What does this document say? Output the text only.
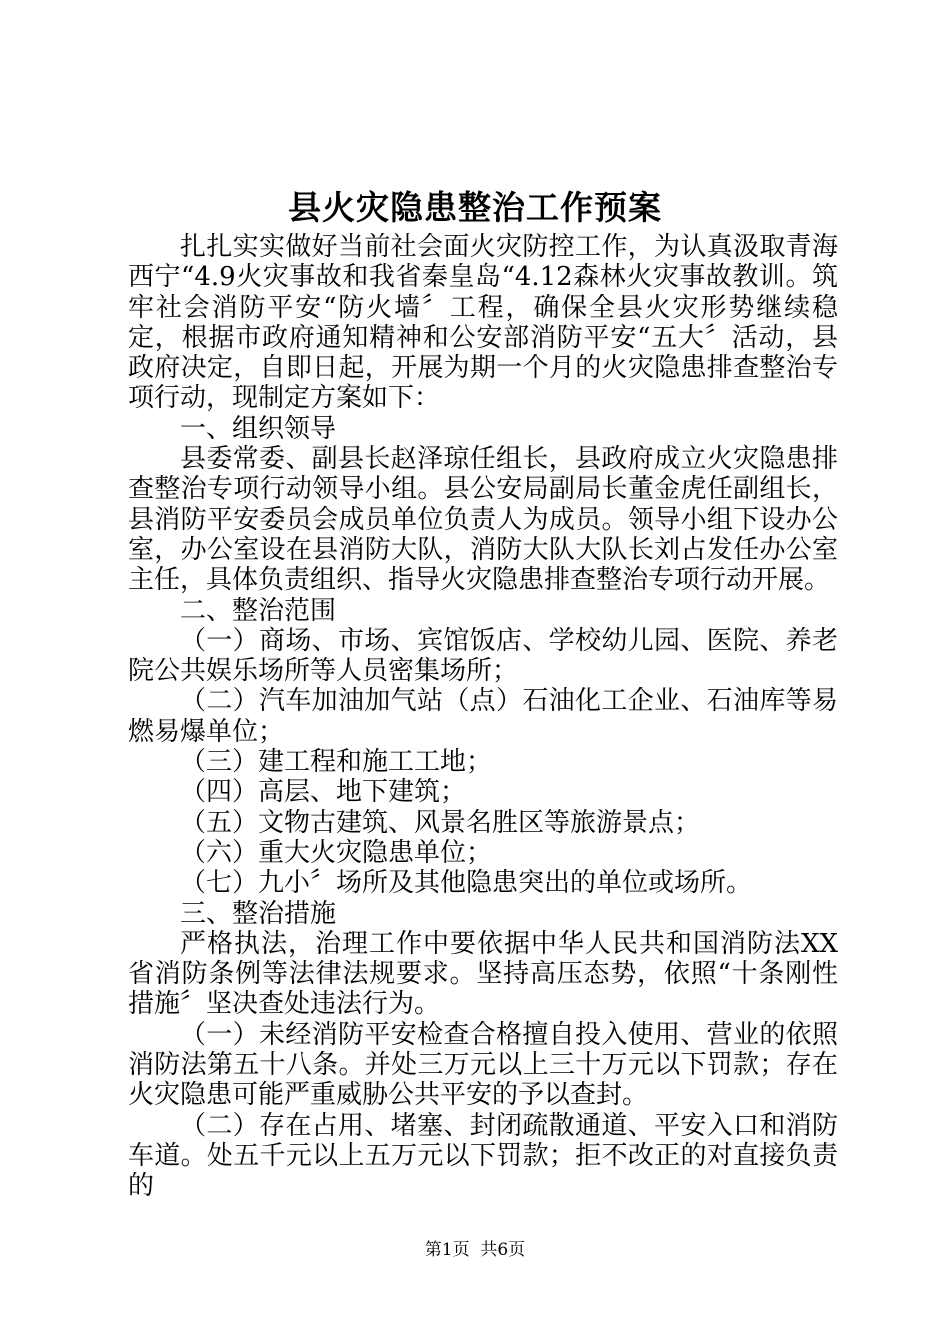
县火灾隐患整治工作预案

扎扎实实做好当前社会面火灾防控工作，为认真汲取青海西宁“4.9火灾事故和我省秦皇岛“4.12森林火灾事故教训。筑牢社会消防平安“防火墙〞工程，确保全县火灾形势继续稳定，根据市政府通知精神和公安部消防平安“五大〞活动，县政府决定，自即日起，开展为期一个月的火灾隐患排查整治专项行动，现制定方案如下：

一、组织领导

县委常委、副县长赵泽琼任组长，县政府成立火灾隐患排查整治专项行动领导小组。县公安局副局长董金虎任副组长，县消防平安委员会成员单位负责人为成员。领导小组下设办公室，办公室设在县消防大队，消防大队大队长刘占发任办公室主任，具体负责组织、指导火灾隐患排查整治专项行动开展。

二、整治范围

（一）商场、市场、宾馆饭店、学校幼儿园、医院、养老院公共娱乐场所等人员密集场所；

（二）汽车加油加气站（点）石油化工企业、石油库等易燃易爆单位；

（三）建工程和施工工地；

（四）高层、地下建筑；

（五）文物古建筑、风景名胜区等旅游景点；

（六）重大火灾隐患单位；

（七）九小〞场所及其他隐患突出的单位或场所。

三、整治措施

严格执法，治理工作中要依据中华人民共和国消防法XX省消防条例等法律法规要求。坚持高压态势，依照“十条刚性措施〞坚决查处违法行为。

（一）未经消防平安检查合格擅自投入使用、营业的依照消防法第五十八条。并处三万元以上三十万元以下罚款；存在火灾隐患可能严重威胁公共平安的予以查封。

（二）存在占用、堵塞、封闭疏散通道、平安入口和消防车道。处五千元以上五万元以下罚款；拒不改正的对直接负责的

第1页 共6页
